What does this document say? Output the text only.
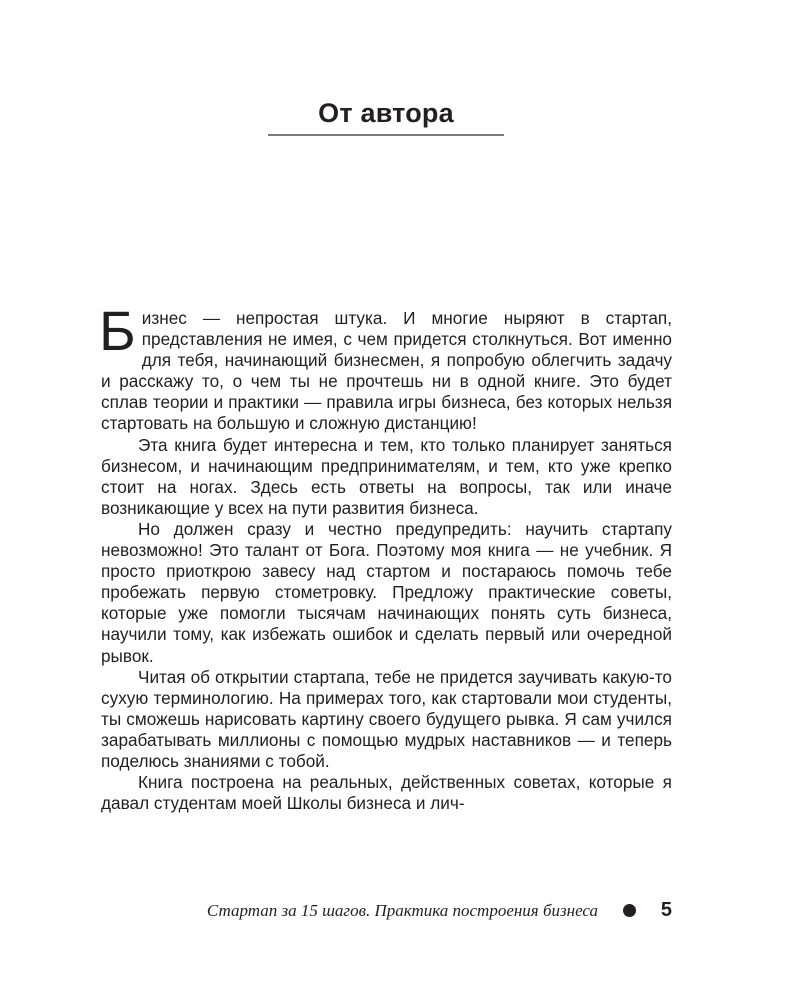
От автора

Бизнес — непростая штука. И многие ныряют в стартап, представления не имея, с чем придется столкнуться. Вот именно для тебя, начинающий бизнесмен, я попробую облегчить задачу и расскажу то, о чем ты не прочтешь ни в одной книге. Это будет сплав теории и практики — правила игры бизнеса, без которых нельзя стартовать на большую и сложную дистанцию!

Эта книга будет интересна и тем, кто только планирует заняться бизнесом, и начинающим предпринимателям, и тем, кто уже крепко стоит на ногах. Здесь есть ответы на вопросы, так или иначе возникающие у всех на пути развития бизнеса.

Но должен сразу и честно предупредить: научить стартапу невозможно! Это талант от Бога. Поэтому моя книга — не учебник. Я просто приоткрою завесу над стартом и постараюсь помочь тебе пробежать первую стометровку. Предложу практические советы, которые уже помогли тысячам начинающих понять суть бизнеса, научили тому, как избежать ошибок и сделать первый или очередной рывок.

Читая об открытии стартапа, тебе не придется заучивать какую-то сухую терминологию. На примерах того, как стартовали мои студенты, ты сможешь нарисовать картину своего будущего рывка. Я сам учился зарабатывать миллионы с помощью мудрых наставников — и теперь поделюсь знаниями с тобой.

Книга построена на реальных, действенных советах, которые я давал студентам моей Школы бизнеса и лич-

Стартап за 15 шагов. Практика построения бизнеса	5
